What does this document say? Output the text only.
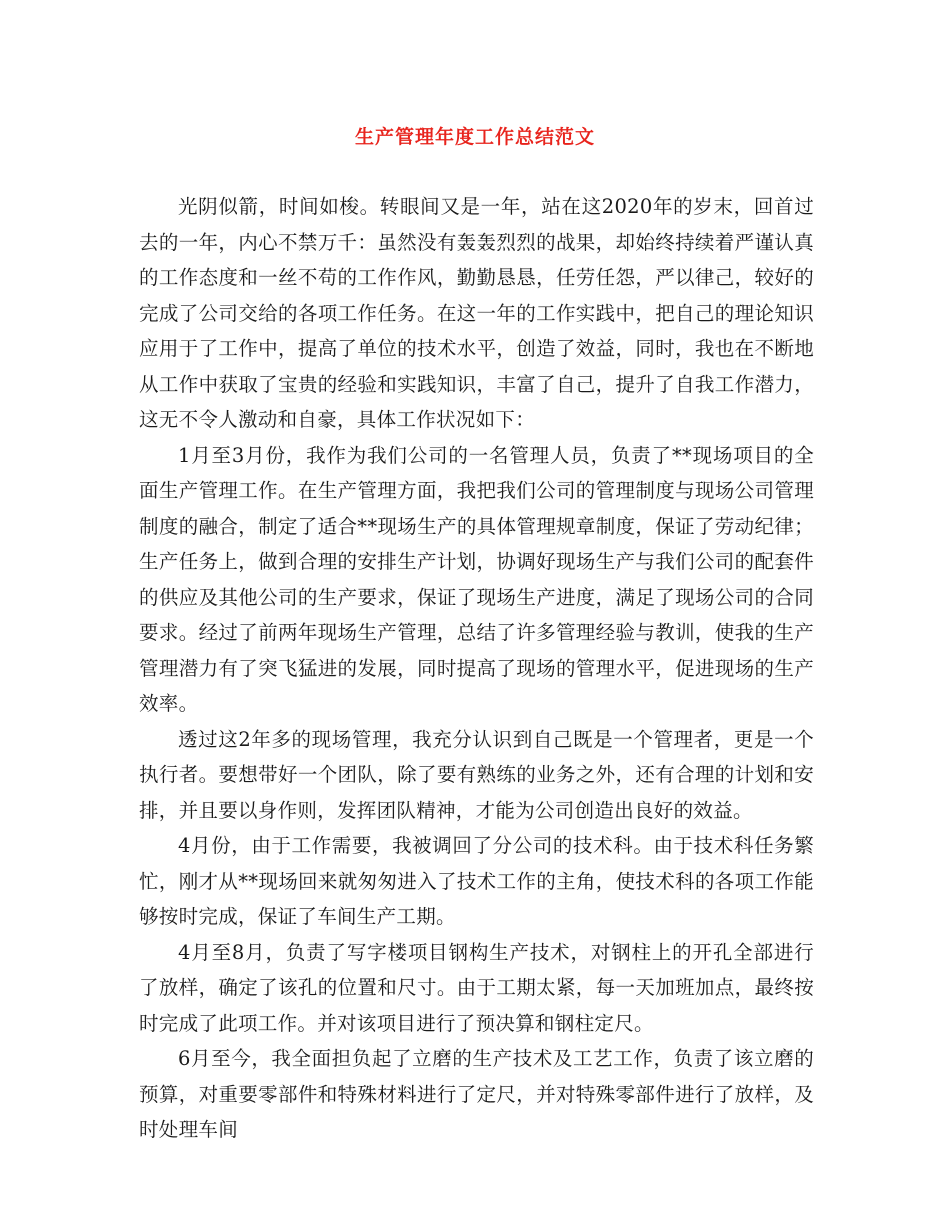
生产管理年度工作总结范文

光阴似箭，时间如梭。转眼间又是一年，站在这2020年的岁末，回首过去的一年，内心不禁万千：虽然没有轰轰烈烈的战果，却始终持续着严谨认真的工作态度和一丝不苟的工作作风，勤勤恳恳，任劳任怨，严以律己，较好的完成了公司交给的各项工作任务。在这一年的工作实践中，把自己的理论知识应用于了工作中，提高了单位的技术水平，创造了效益，同时，我也在不断地从工作中获取了宝贵的经验和实践知识，丰富了自己，提升了自我工作潜力，这无不令人激动和自豪，具体工作状况如下：

1月至3月份，我作为我们公司的一名管理人员，负责了**现场项目的全面生产管理工作。在生产管理方面，我把我们公司的管理制度与现场公司管理制度的融合，制定了适合**现场生产的具体管理规章制度，保证了劳动纪律；生产任务上，做到合理的安排生产计划，协调好现场生产与我们公司的配套件的供应及其他公司的生产要求，保证了现场生产进度，满足了现场公司的合同要求。经过了前两年现场生产管理，总结了许多管理经验与教训，使我的生产管理潜力有了突飞猛进的发展，同时提高了现场的管理水平，促进现场的生产效率。

透过这2年多的现场管理，我充分认识到自己既是一个管理者，更是一个执行者。要想带好一个团队，除了要有熟练的业务之外，还有合理的计划和安排，并且要以身作则，发挥团队精神，才能为公司创造出良好的效益。

4月份，由于工作需要，我被调回了分公司的技术科。由于技术科任务繁忙，刚才从**现场回来就匆匆进入了技术工作的主角，使技术科的各项工作能够按时完成，保证了车间生产工期。

4月至8月，负责了写字楼项目钢构生产技术，对钢柱上的开孔全部进行了放样，确定了该孔的位置和尺寸。由于工期太紧，每一天加班加点，最终按时完成了此项工作。并对该项目进行了预决算和钢柱定尺。

6月至今，我全面担负起了立磨的生产技术及工艺工作，负责了该立磨的预算，对重要零部件和特殊材料进行了定尺，并对特殊零部件进行了放样，及时处理车间
